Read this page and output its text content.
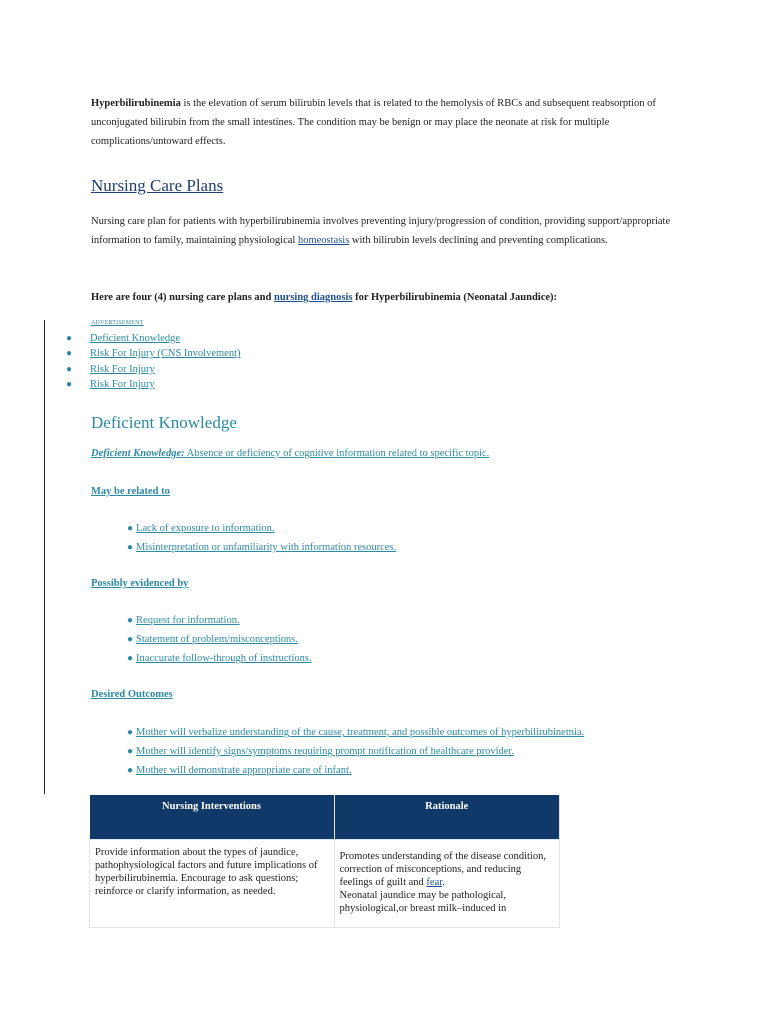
Hyperbilirubinemia is the elevation of serum bilirubin levels that is related to the hemolysis of RBCs and subsequent reabsorption of unconjugated bilirubin from the small intestines. The condition may be benign or may place the neonate at risk for multiple complications/untoward effects.

Nursing Care Plans

Nursing care plan for patients with hyperbilirubinemia involves preventing injury/progression of condition, providing support/appropriate information to family, maintaining physiological homeostasis with bilirubin levels declining and preventing complications.

Here are four (4) nursing care plans and nursing diagnosis for Hyperbilirubinemia (Neonatal Jaundice):

ADVERTISEMENT
● Deficient Knowledge
● Risk For Injury (CNS Involvement)
● Risk For Injury
● Risk For Injury
Deficient Knowledge
Deficient Knowledge: Absence or deficiency of cognitive information related to specific topic.
May be related to
● Lack of exposure to information.
● Misinterpretation or unfamiliarity with information resources.
Possibly evidenced by
● Request for information.
● Statement of problem/misconceptions.
● Inaccurate follow-through of instructions.
Desired Outcomes
● Mother will verbalize understanding of the cause, treatment, and possible outcomes of hyperbilirubinemia.
● Mother will identify signs/symptoms requiring prompt notification of healthcare provider.
● Mother will demonstrate appropriate care of infant.
Nursing Interventions	Rationale
Provide information about the types of jaundice, pathophysiological factors and future implications of hyperbilirubinemia. Encourage to ask questions; reinforce or clarify information, as needed.	Promotes understanding of the disease condition, correction of misconceptions, and reducing feelings of guilt and fear.
Neonatal jaundice may be pathological, physiological,or breast milk–induced in
